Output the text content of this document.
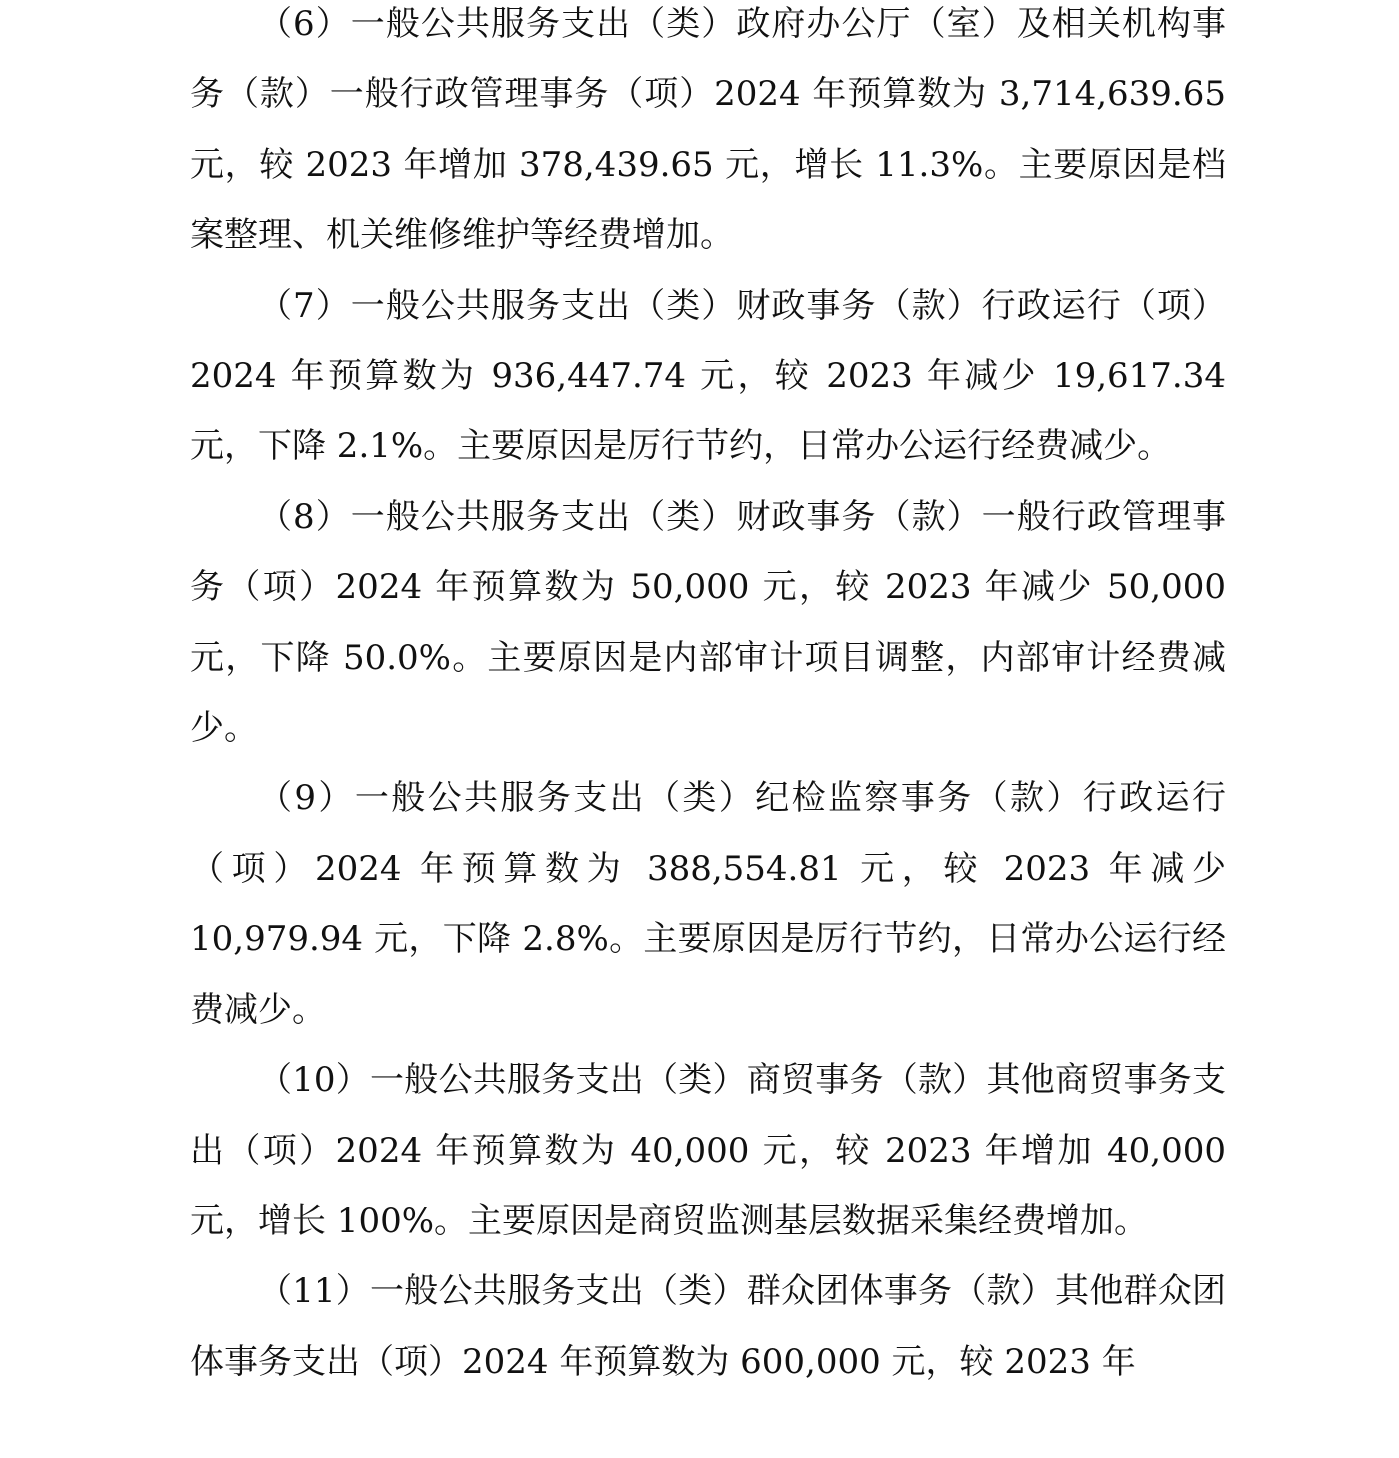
（6）一般公共服务支出（类）政府办公厅（室）及相关机构事务（款）一般行政管理事务（项）2024 年预算数为 3,714,639.65 元，较 2023 年增加 378,439.65 元，增长 11.3%。主要原因是档案整理、机关维修维护等经费增加。

（7）一般公共服务支出（类）财政事务（款）行政运行（项）2024 年预算数为 936,447.74 元，较 2023 年减少 19,617.34 元，下降 2.1%。主要原因是厉行节约，日常办公运行经费减少。

（8）一般公共服务支出（类）财政事务（款）一般行政管理事务（项）2024 年预算数为 50,000 元，较 2023 年减少 50,000 元，下降 50.0%。主要原因是内部审计项目调整，内部审计经费减少。

（9）一般公共服务支出（类）纪检监察事务（款）行政运行（项）2024 年预算数为 388,554.81 元，较 2023 年减少 10,979.94 元，下降 2.8%。主要原因是厉行节约，日常办公运行经费减少。

（10）一般公共服务支出（类）商贸事务（款）其他商贸事务支出（项）2024 年预算数为 40,000 元，较 2023 年增加 40,000 元，增长 100%。主要原因是商贸监测基层数据采集经费增加。

（11）一般公共服务支出（类）群众团体事务（款）其他群众团体事务支出（项）2024 年预算数为 600,000 元，较 2023 年
